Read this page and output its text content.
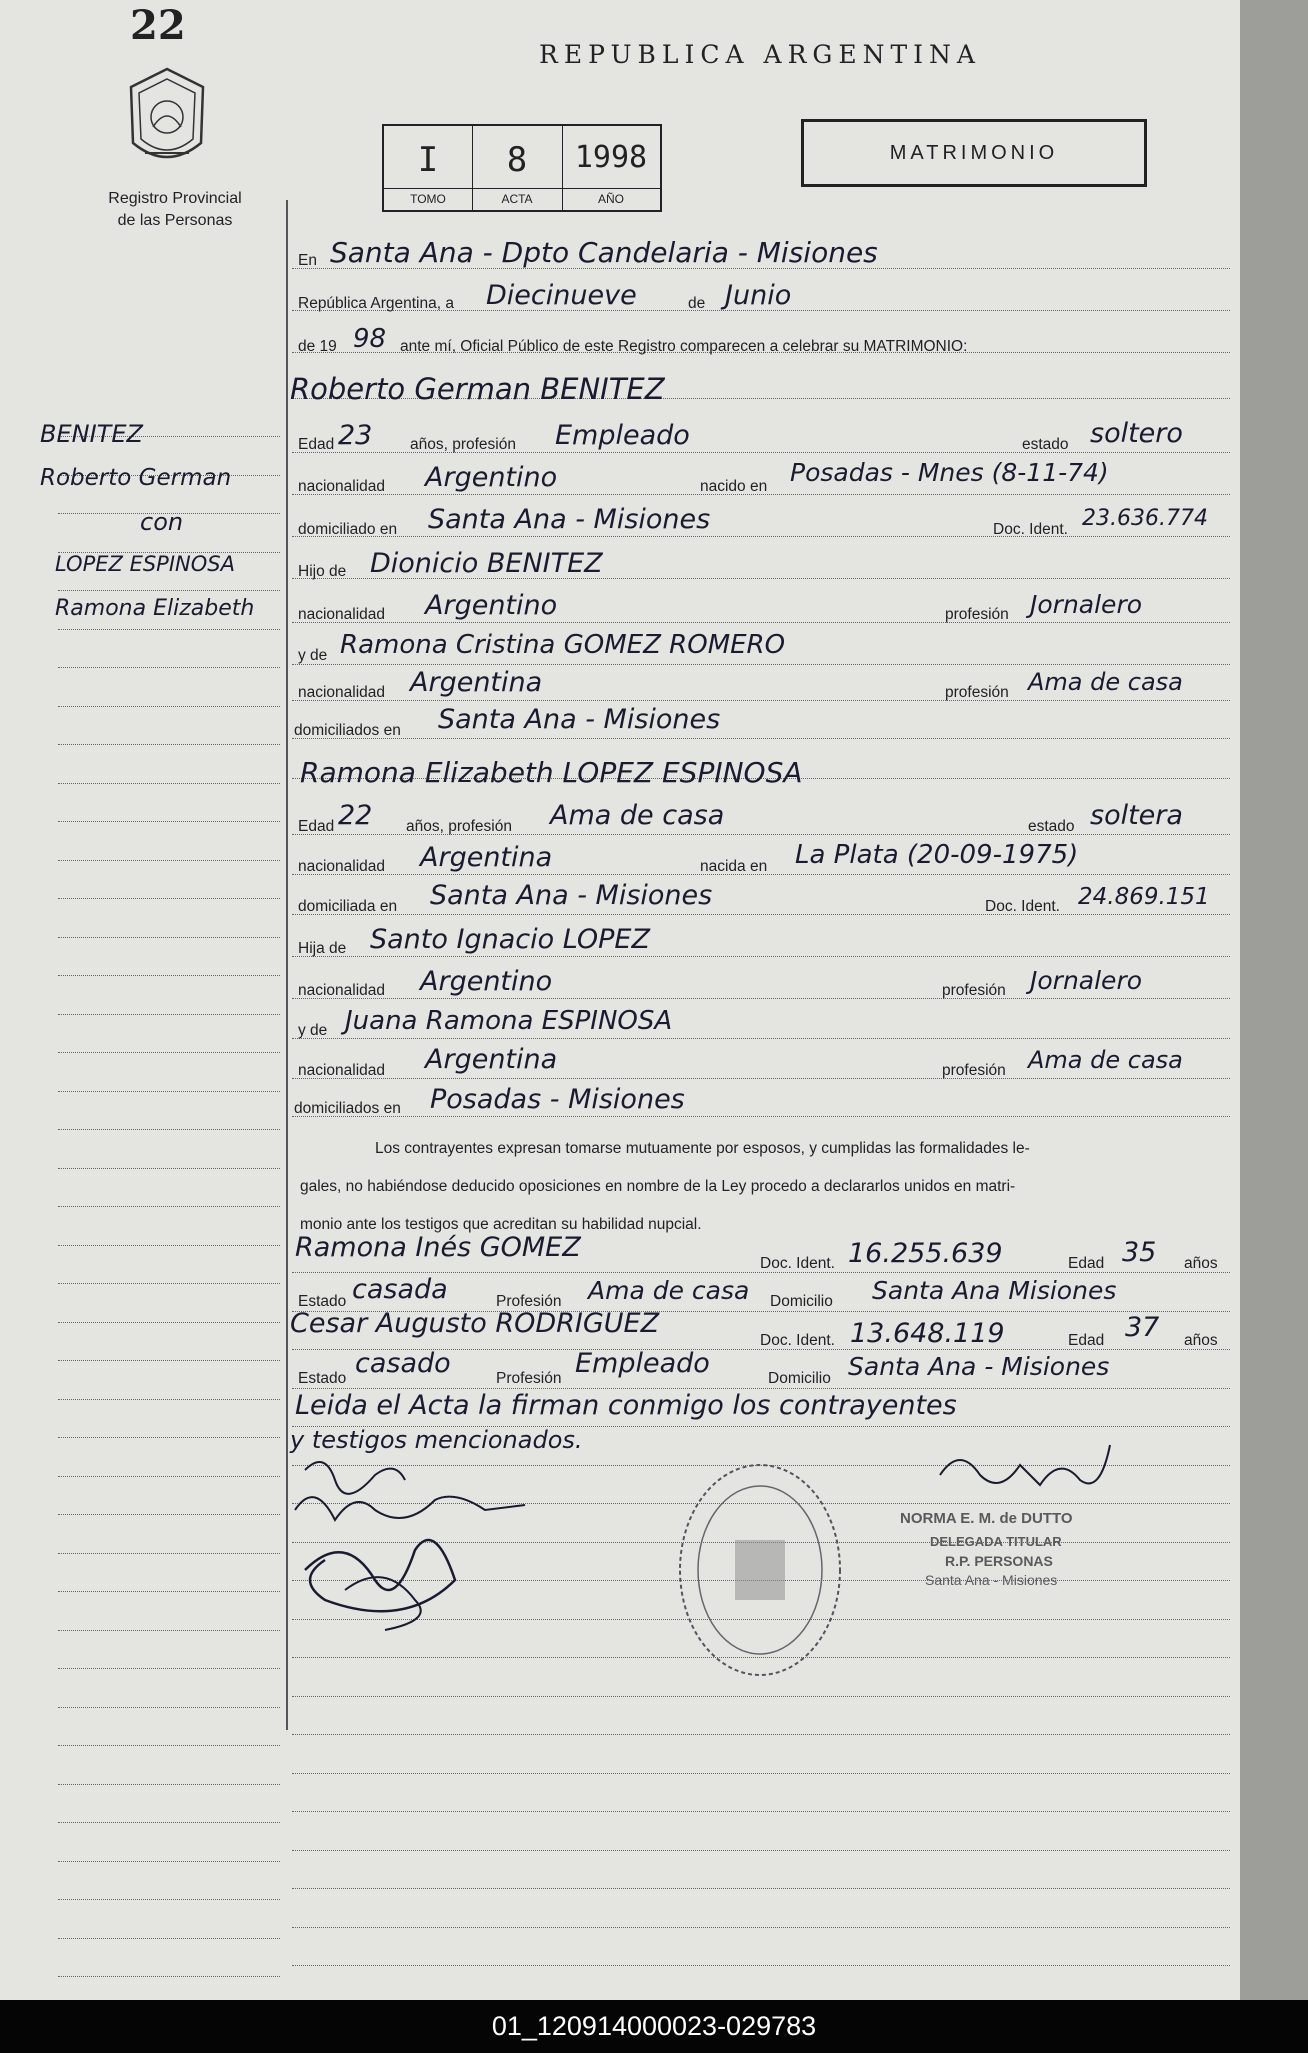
22
Registro Provincial
de las Personas
REPUBLICA ARGENTINA
I
TOMO
8
ACTA
1998
AÑO
MATRIMONIO
BENITEZ
Roberto German
con
LOPEZ ESPINOSA
Ramona Elizabeth
En Santa Ana - Dpto Candelaria - Misiones
República Argentina, a Diecinueve	de Junio
de 19 98 ante mí, Oficial Público de este Registro comparecen a celebrar su MATRIMONIO:
Roberto German BENITEZ
Edad 23 años, profesión Empleado	estado soltero
nacionalidad Argentino	nacido en Posadas - Mnes (8-11-74)
domiciliado en Santa Ana - Misiones	Doc. Ident. 23.636.774
Hijo de Dionicio BENITEZ
nacionalidad Argentino	profesión Jornalero
y de Ramona Cristina GOMEZ ROMERO
nacionalidad Argentina	profesión Ama de casa
domiciliados en Santa Ana - Misiones
Ramona Elizabeth LOPEZ ESPINOSA
Edad 22 años, profesión Ama de casa	estado soltera
nacionalidad Argentina	nacida en La Plata (20-09-1975)
domiciliada en Santa Ana - Misiones	Doc. Ident. 24.869.151
Hija de Santo Ignacio LOPEZ
nacionalidad Argentino	profesión Jornalero
y de Juana Ramona ESPINOSA
nacionalidad Argentina	profesión Ama de casa
domiciliados en Posadas - Misiones
Los contrayentes expresan tomarse mutuamente por esposos, y cumplidas las formalidades le-
gales, no habiéndose deducido oposiciones en nombre de la Ley procedo a declararlos unidos en matri-
monio ante los testigos que acreditan su habilidad nupcial.
Ramona Inés GOMEZ
Doc. Ident. 16.255.639	Edad 35 años
Estado casada	Profesión Ama de casa Domicilio Santa Ana Misiones
Cesar Augusto RODRIGUEZ
Doc. Ident. 13.648.119	Edad 37 años
Estado casado	Profesión Empleado	Domicilio Santa Ana - Misiones
Leida el Acta la firman conmigo los contrayentes
y testigos mencionados.
NORMA E. M. de DUTTO
DELEGADA TITULAR
R.P. PERSONAS
Santa Ana - Misiones
01_120914000023-029783
